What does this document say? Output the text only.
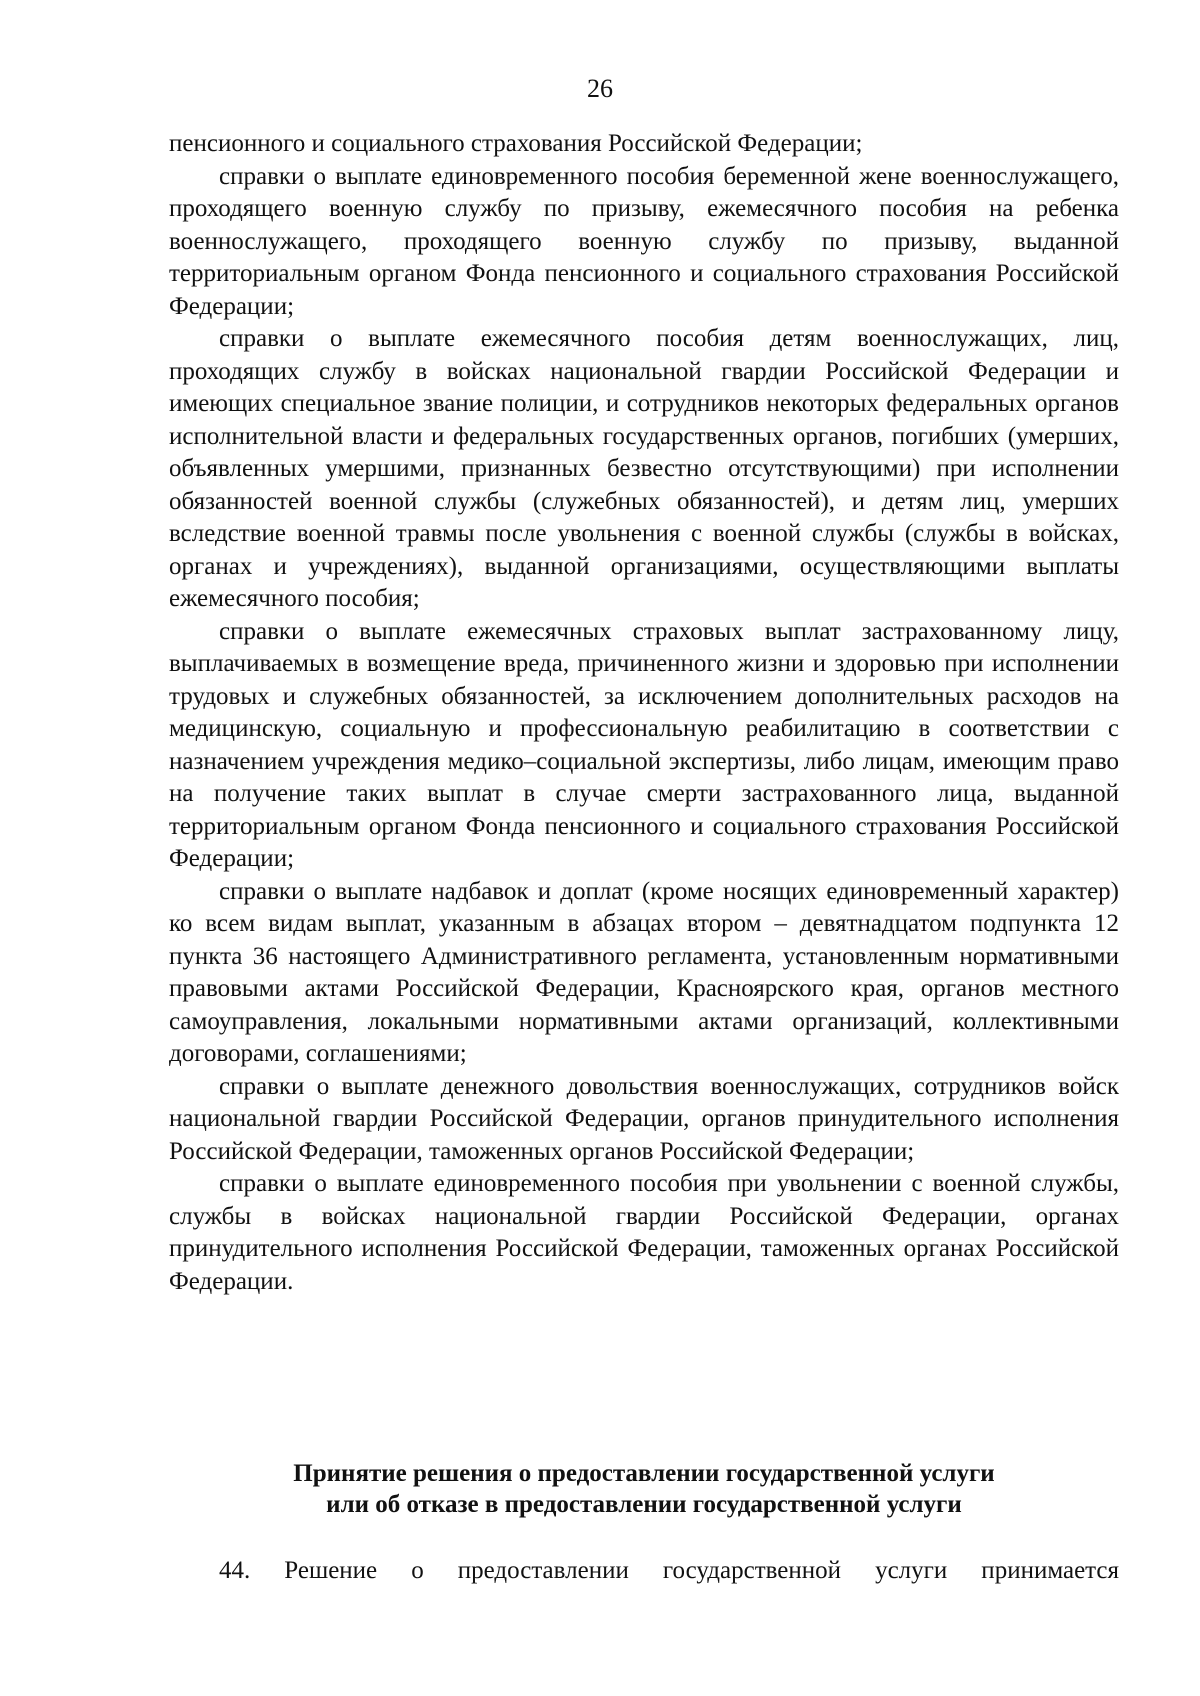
26

пенсионного и социального страхования Российской Федерации;

справки о выплате единовременного пособия беременной жене военнослужащего, проходящего военную службу по призыву, ежемесячного пособия на ребенка военнослужащего, проходящего военную службу по призыву, выданной территориальным органом Фонда пенсионного и социального страхования Российской Федерации;

справки о выплате ежемесячного пособия детям военнослужащих, лиц, проходящих службу в войсках национальной гвардии Российской Федерации и имеющих специальное звание полиции, и сотрудников некоторых федеральных органов исполнительной власти и федеральных государственных органов, погибших (умерших, объявленных умершими, признанных безвестно отсутствующими) при исполнении обязанностей военной службы (служебных обязанностей), и детям лиц, умерших вследствие военной травмы после увольнения с военной службы (службы в войсках, органах и учреждениях), выданной организациями, осуществляющими выплаты ежемесячного пособия;

справки о выплате ежемесячных страховых выплат застрахованному лицу, выплачиваемых в возмещение вреда, причиненного жизни и здоровью при исполнении трудовых и служебных обязанностей, за исключением дополнительных расходов на медицинскую, социальную и профессиональную реабилитацию в соответствии с назначением учреждения медико–социальной экспертизы, либо лицам, имеющим право на получение таких выплат в случае смерти застрахованного лица, выданной территориальным органом Фонда пенсионного и социального страхования Российской Федерации;

справки о выплате надбавок и доплат (кроме носящих единовременный характер) ко всем видам выплат, указанным в абзацах втором – девятнадцатом подпункта 12 пункта 36 настоящего Административного регламента, установленным нормативными правовыми актами Российской Федерации, Красноярского края, органов местного самоуправления, локальными нормативными актами организаций, коллективными договорами, соглашениями;

справки о выплате денежного довольствия военнослужащих, сотрудников войск национальной гвардии Российской Федерации, органов принудительного исполнения Российской Федерации, таможенных органов Российской Федерации;

справки о выплате единовременного пособия при увольнении с военной службы, службы в войсках национальной гвардии Российской Федерации, органах принудительного исполнения Российской Федерации, таможенных органах Российской Федерации.

Принятие решения о предоставлении государственной услуги

или об отказе в предоставлении государственной услуги

44. Решение о предоставлении государственной услуги принимается
